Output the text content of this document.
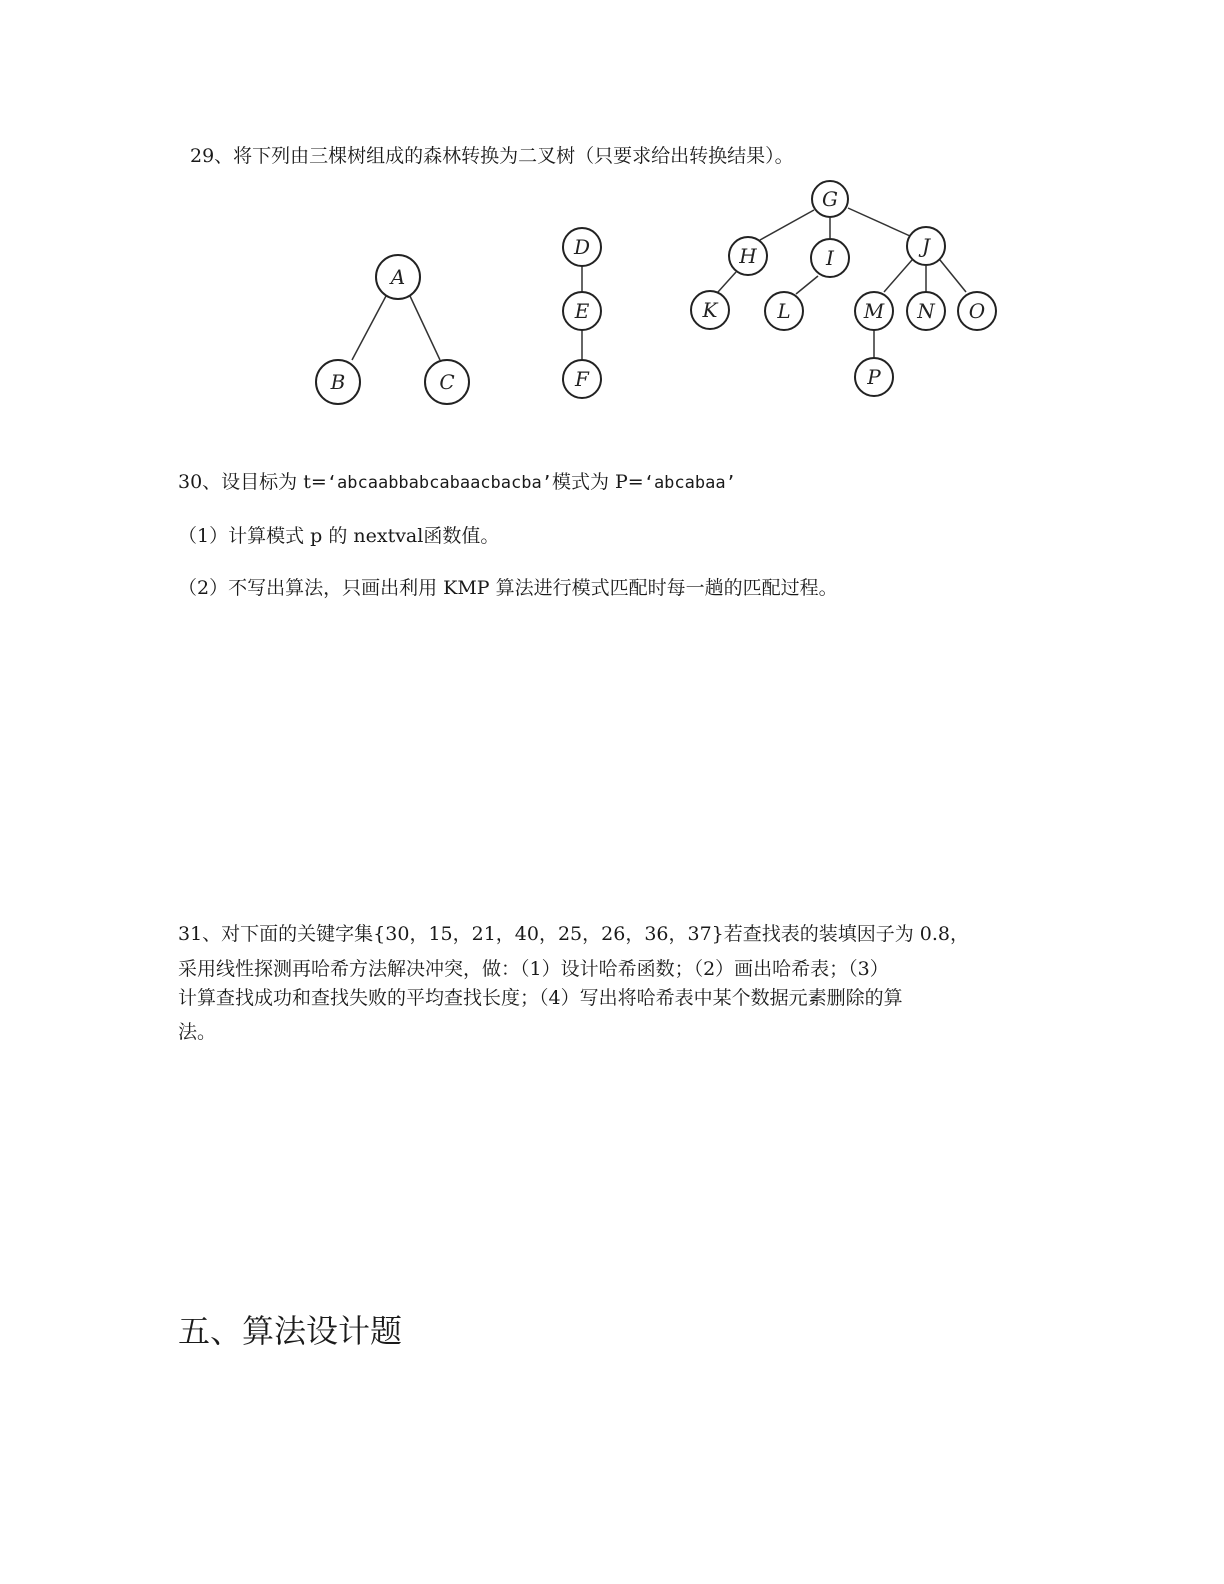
29、将下列由三棵树组成的森林转换为二叉树（只要求给出转换结果）。
A
B	C
D
E
F
G
H	I	J
K	L	M N O
P
30、设目标为 t=‘abcaabbabcabaacbacba’模式为 P=‘abcabaa’
（1）计算模式 p 的 nextval函数值。
（2）不写出算法，只画出利用 KMP 算法进行模式匹配时每一趟的匹配过程。
31、对下面的关键字集{30，15，21，40，25，26，36，37}若查找表的装填因子为 0.8，
采用线性探测再哈希方法解决冲突，做：（1）设计哈希函数；（2）画出哈希表；（3）
计算查找成功和查找失败的平均查找长度；（4）写出将哈希表中某个数据元素删除的算
法。
五、算法设计题
